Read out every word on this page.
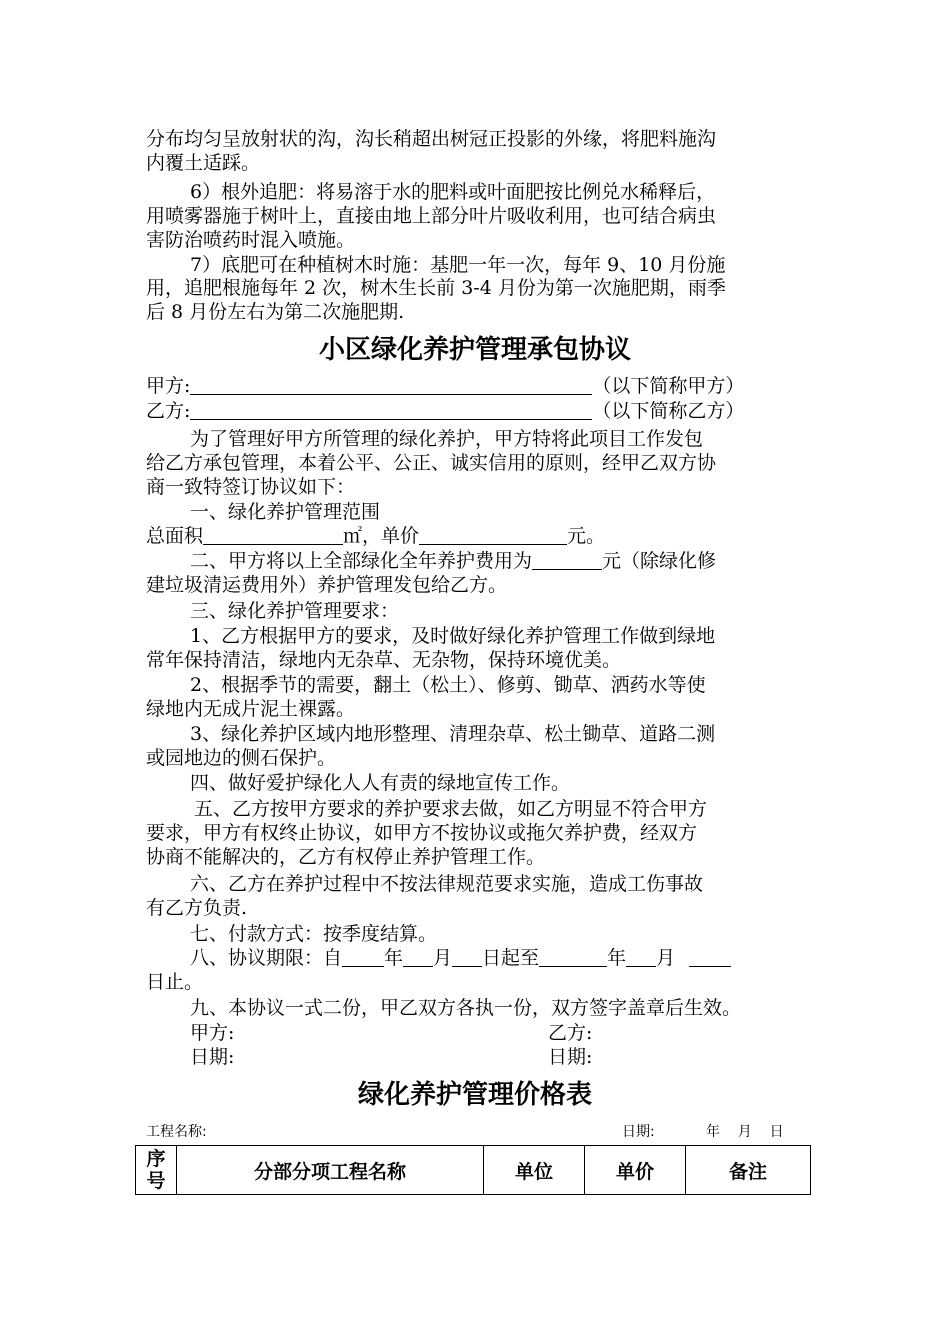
分布均匀呈放射状的沟，沟长稍超出树冠正投影的外缘，将肥料施沟
内覆土适踩。
6）根外追肥：将易溶于水的肥料或叶面肥按比例兑水稀释后，
用喷雾器施于树叶上，直接由地上部分叶片吸收利用，也可结合病虫
害防治喷药时混入喷施。
7）底肥可在种植树木时施：基肥一年一次，每年 9、10 月份施
用，追肥根施每年 2 次，树木生长前 3-4 月份为第一次施肥期，雨季
后 8 月份左右为第二次施肥期.
小区绿化养护管理承包协议
甲方:	（以下简称甲方）
乙方:	（以下简称乙方）
为了管理好甲方所管理的绿化养护，甲方特将此项目工作发包
给乙方承包管理，本着公平、公正、诚实信用的原则，经甲乙双方协
商一致特签订协议如下：
一、绿化养护管理范围
总面积	㎡，单价	元。
二、甲方将以上全部绿化全年养护费用为	元（除绿化修
建垃圾清运费用外）养护管理发包给乙方。
三、绿化养护管理要求：
1、乙方根据甲方的要求，及时做好绿化养护管理工作做到绿地
常年保持清洁，绿地内无杂草、无杂物，保持环境优美。
2、根据季节的需要，翻土（松土）、修剪、锄草、洒药水等使
绿地内无成片泥土裸露。
3、绿化养护区域内地形整理、清理杂草、松土锄草、道路二测
或园地边的侧石保护。
四、做好爱护绿化人人有责的绿地宣传工作。
五、乙方按甲方要求的养护要求去做，如乙方明显不符合甲方
要求，甲方有权终止协议，如甲方不按协议或拖欠养护费，经双方
协商不能解决的，乙方有权停止养护管理工作。
六、乙方在养护过程中不按法律规范要求实施，造成工伤事故
有乙方负责.
七、付款方式：按季度结算。
八、协议期限：自 年 月 日起至	年 月
日止。
九、本协议一式二份，甲乙双方各执一份，双方签字盖章后生效。
甲方:	乙方:
日期:	日期:
绿化养护管理价格表
工程名称:	日期:	年    月    日
序号	分部分项工程名称	单位	单价	备注
